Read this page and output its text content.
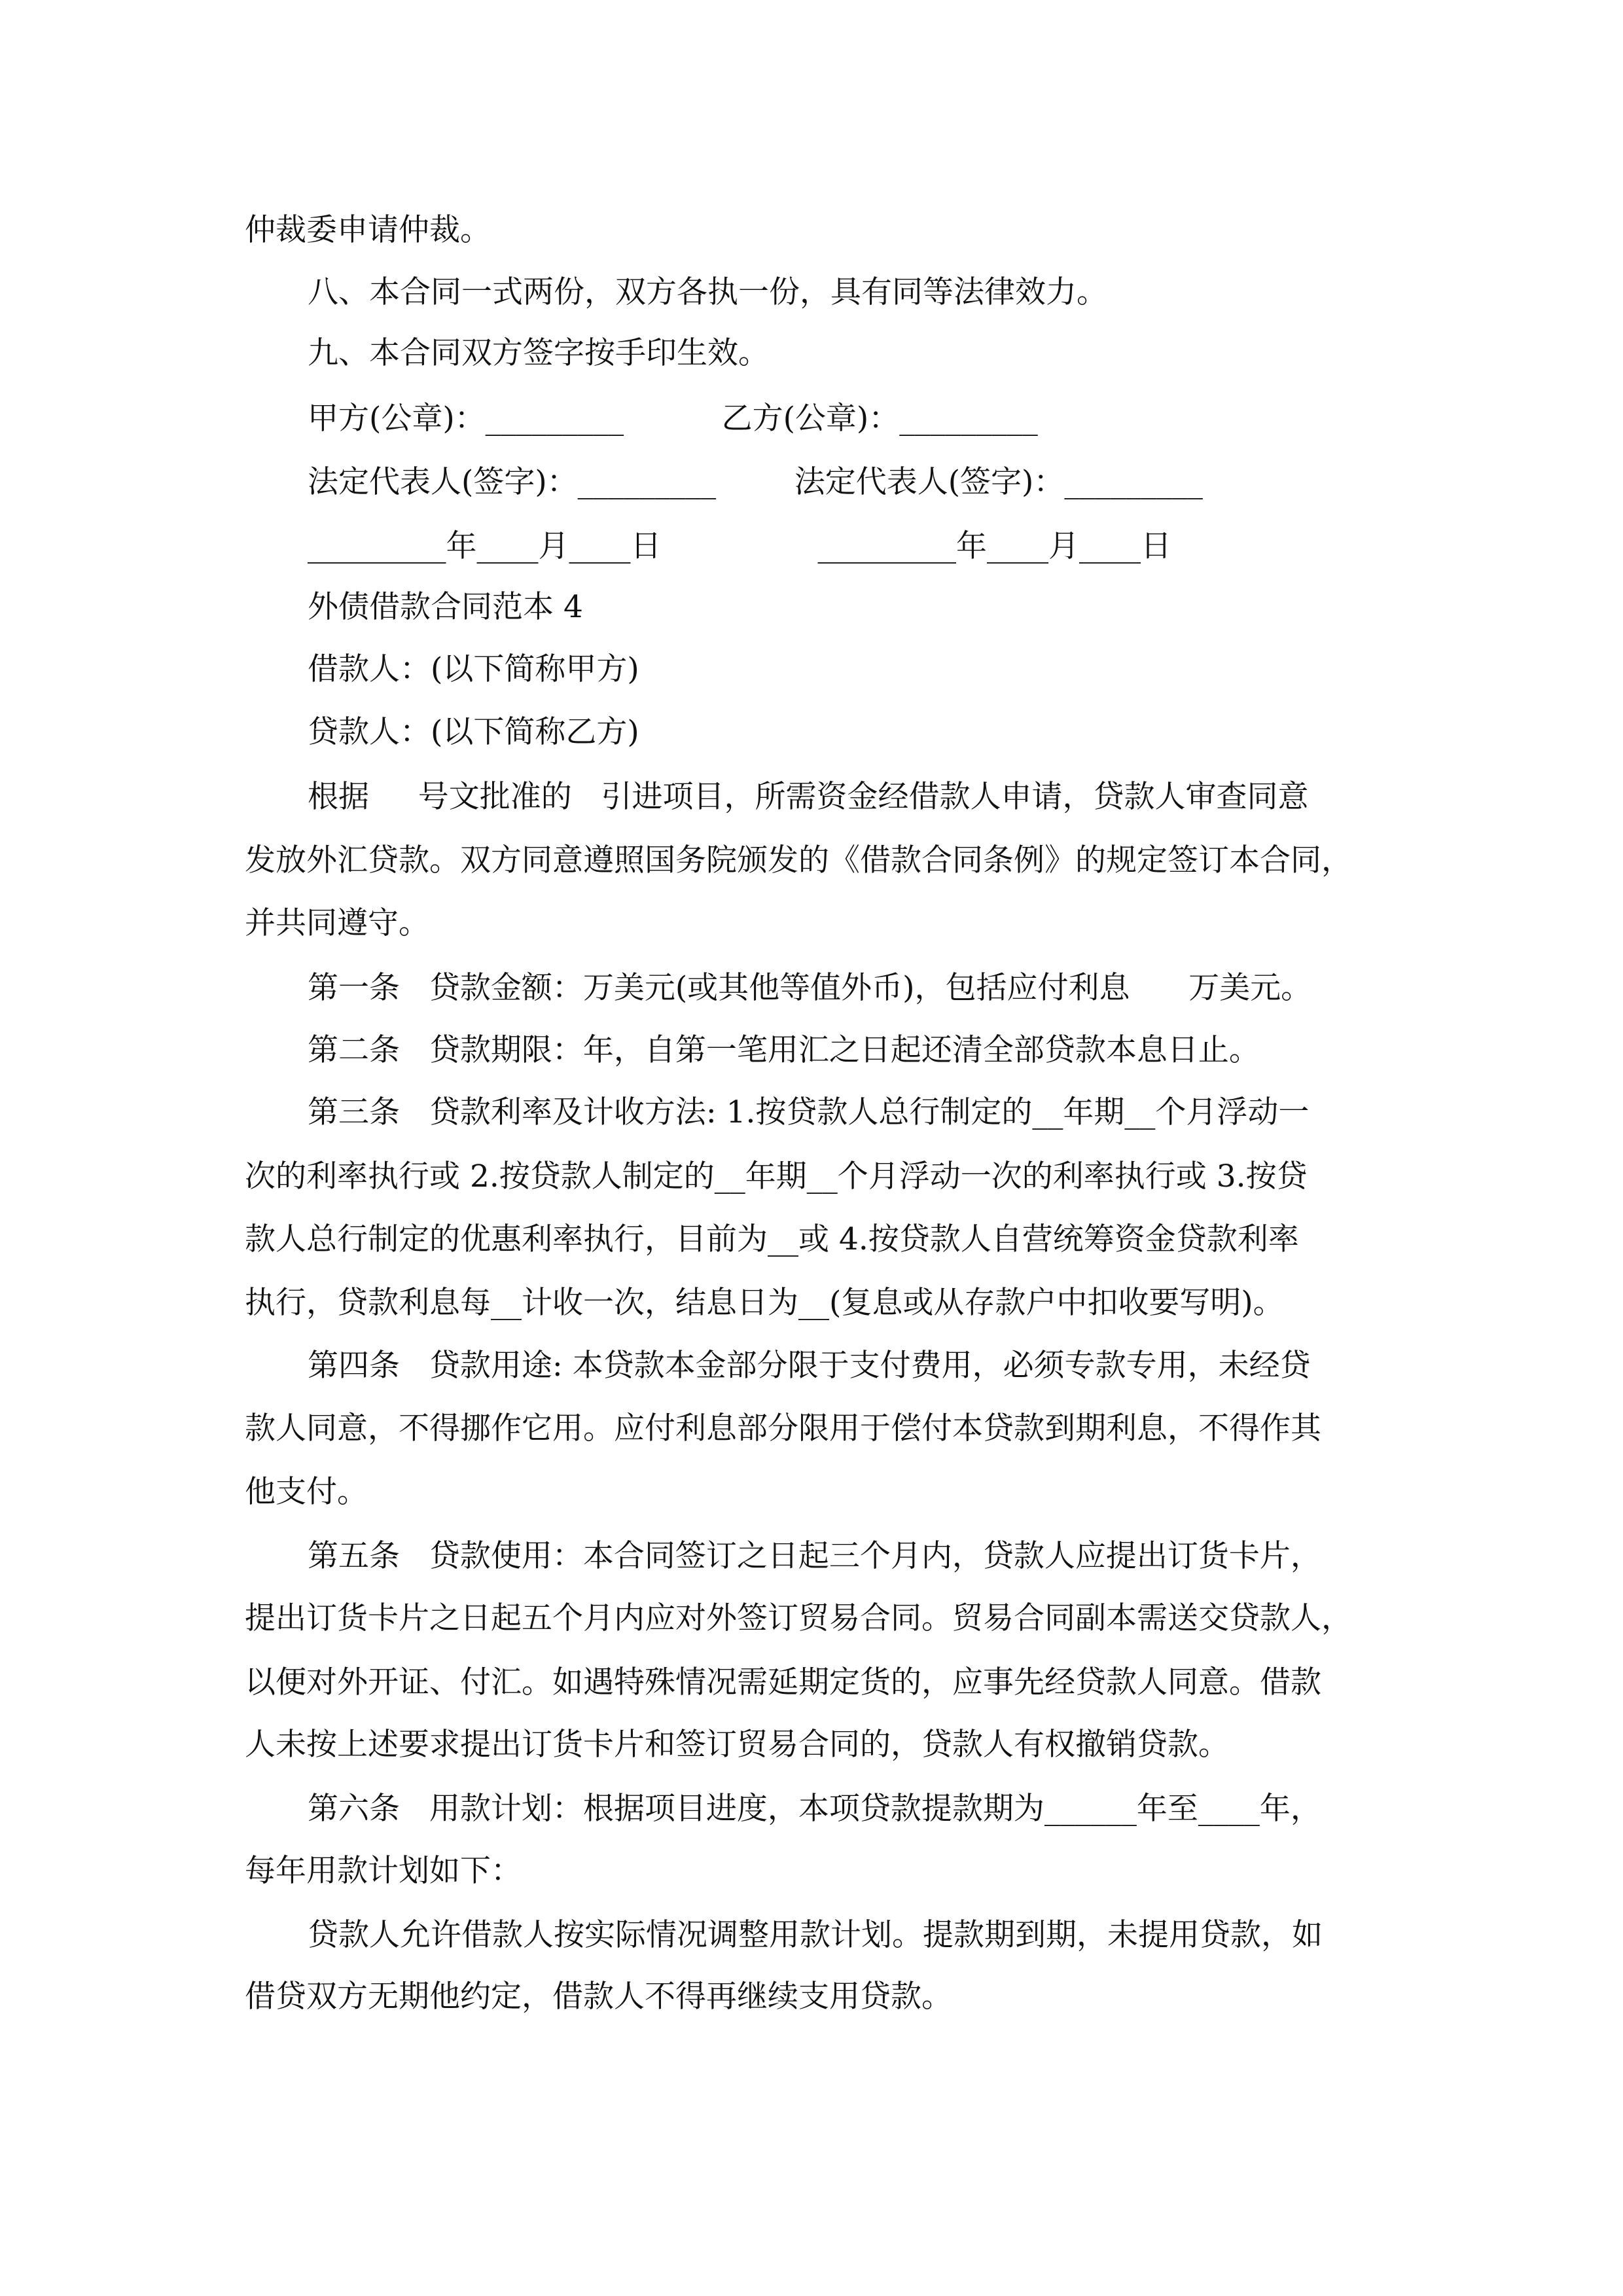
仲裁委申请仲裁。
八、本合同一式两份，双方各执一份，具有同等法律效力。
九、本合同双方签字按手印生效。
甲方(公章)：_________          乙方(公章)：_________
法定代表人(签字)：_________        法定代表人(签字)：_________
_________年____月____日                _________年____月____日
外债借款合同范本 4
借款人：(以下简称甲方)
贷款人：(以下简称乙方)
根据     号文批准的   引进项目，所需资金经借款人申请，贷款人审查同意
发放外汇贷款。双方同意遵照国务院颁发的《借款合同条例》的规定签订本合同，
并共同遵守。
第一条   贷款金额：万美元(或其他等值外币)，包括应付利息      万美元。
第二条   贷款期限：年，自第一笔用汇之日起还清全部贷款本息日止。
第三条   贷款利率及计收方法: 1.按贷款人总行制定的__年期__个月浮动一
次的利率执行或 2.按贷款人制定的__年期__个月浮动一次的利率执行或 3.按贷
款人总行制定的优惠利率执行，目前为__或 4.按贷款人自营统筹资金贷款利率
执行，贷款利息每__计收一次，结息日为__(复息或从存款户中扣收要写明)。
第四条   贷款用途: 本贷款本金部分限于支付费用，必须专款专用，未经贷
款人同意，不得挪作它用。应付利息部分限用于偿付本贷款到期利息，不得作其
他支付。
第五条   贷款使用：本合同签订之日起三个月内，贷款人应提出订货卡片，
提出订货卡片之日起五个月内应对外签订贸易合同。贸易合同副本需送交贷款人，
以便对外开证、付汇。如遇特殊情况需延期定货的，应事先经贷款人同意。借款
人未按上述要求提出订货卡片和签订贸易合同的，贷款人有权撤销贷款。
第六条   用款计划：根据项目进度，本项贷款提款期为______年至____年，
每年用款计划如下：
贷款人允许借款人按实际情况调整用款计划。提款期到期，未提用贷款，如
借贷双方无期他约定，借款人不得再继续支用贷款。
